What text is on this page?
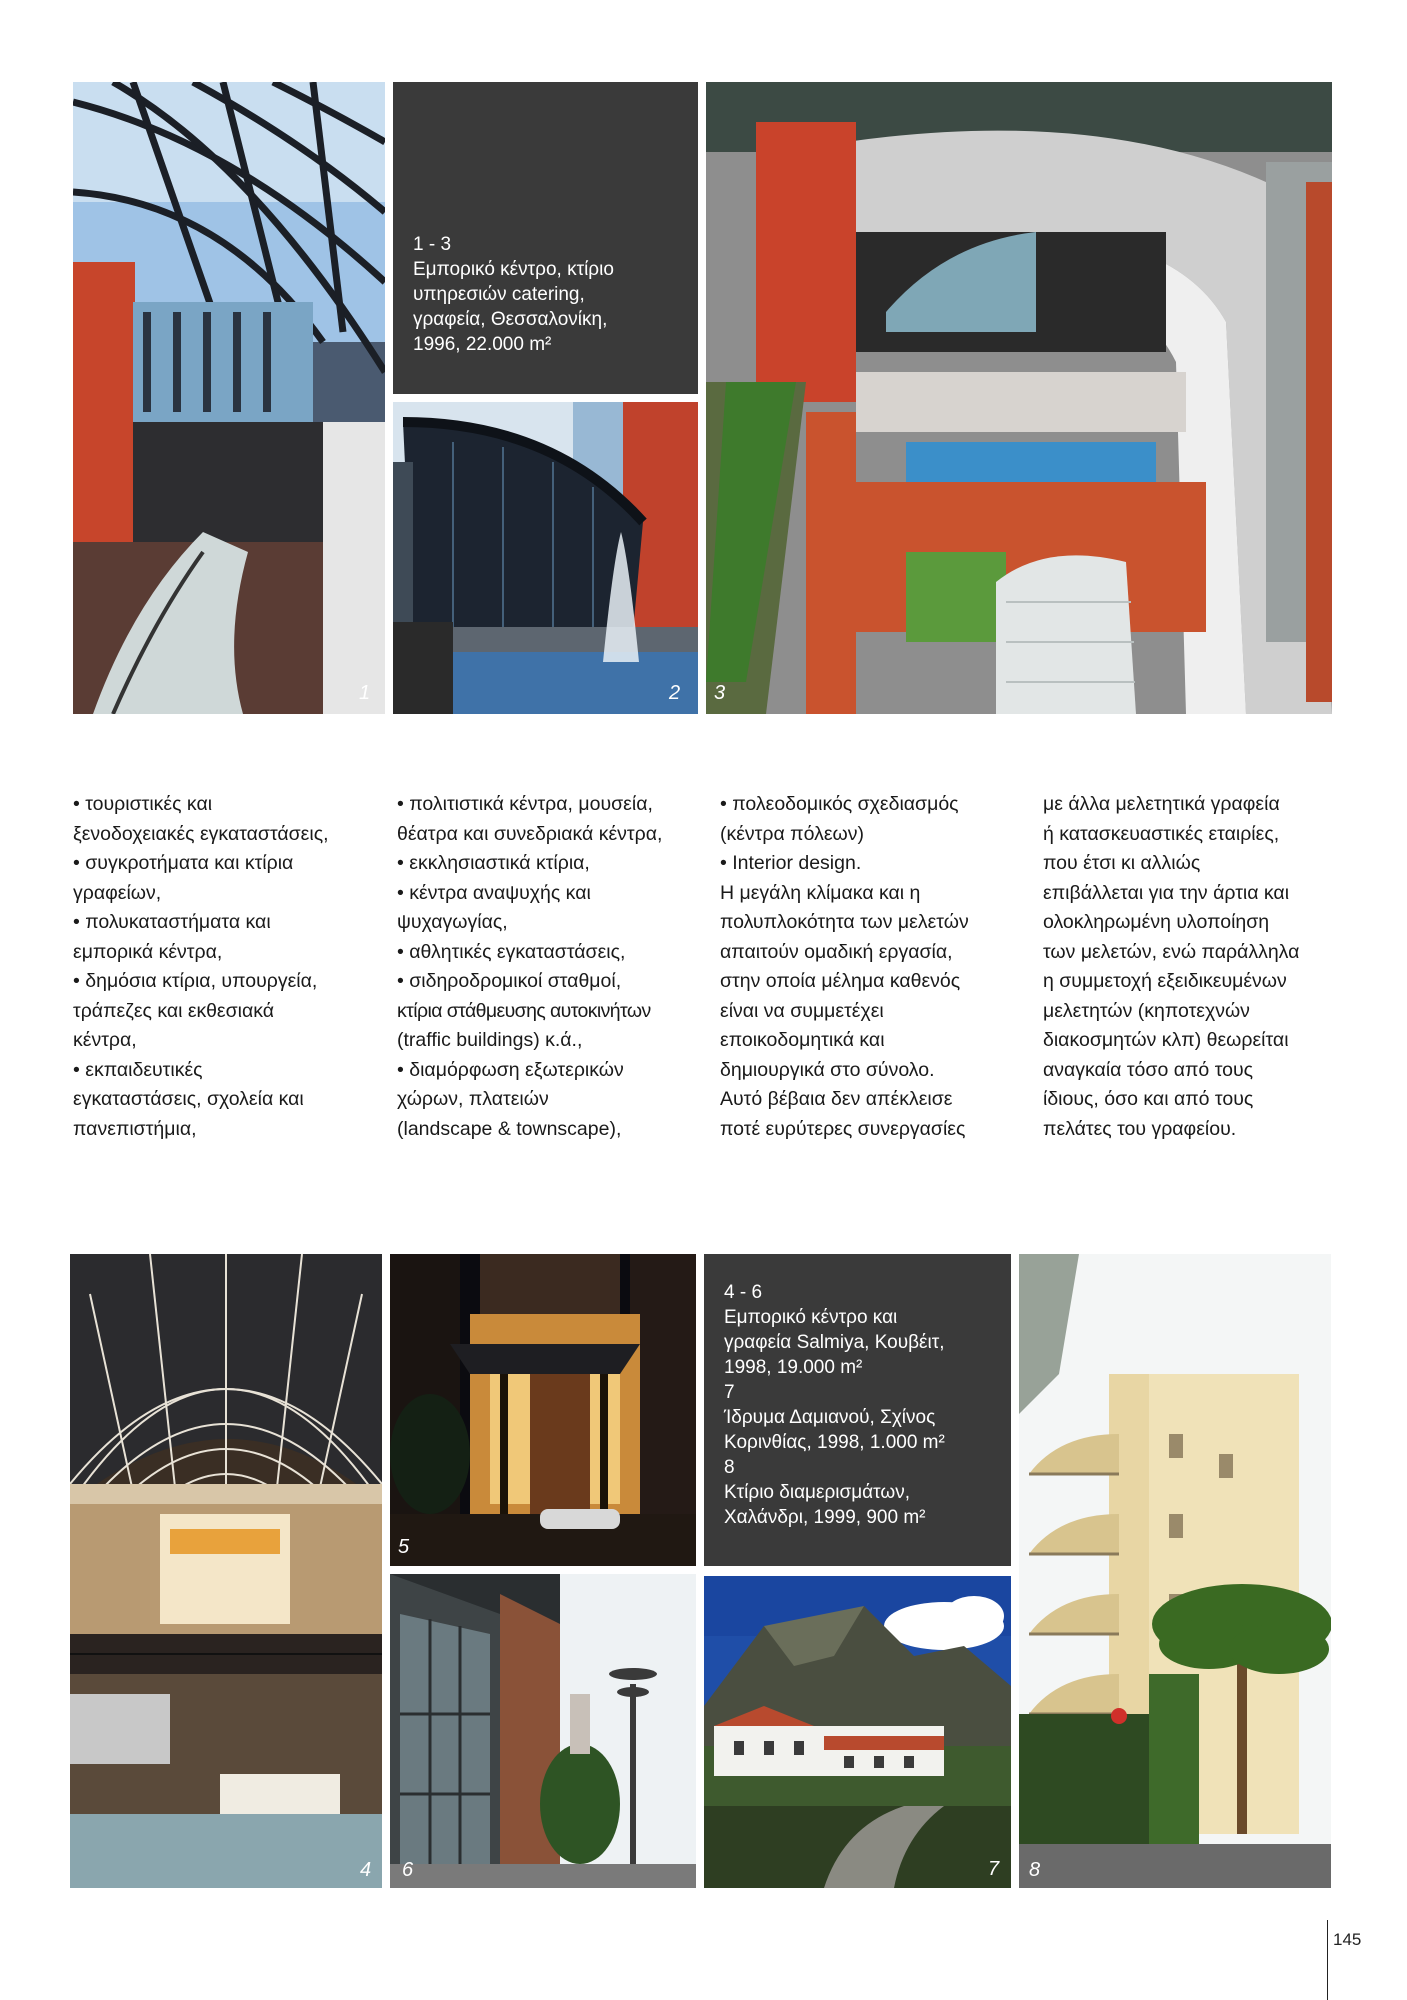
1
1 - 3
Εμπορικό κέντρο, κτίριο
υπηρεσιών catering,
γραφεία, Θεσσαλονίκη,
1996, 22.000 m²
2 3
• τουριστικές και
ξενοδοχειακές εγκαταστάσεις,
• συγκροτήματα και κτίρια
γραφείων,
• πολυκαταστήματα και
εμπορικά κέντρα,
• δημόσια κτίρια, υπουργεία,
τράπεζες και εκθεσιακά
κέντρα,
• εκπαιδευτικές
εγκαταστάσεις, σχολεία και
πανεπιστήμια,
• πολιτιστικά κέντρα, μουσεία,
θέατρα και συνεδριακά κέντρα,
• εκκλησιαστικά κτίρια,
• κέντρα αναψυχής και
ψυχαγωγίας,
• αθλητικές εγκαταστάσεις,
• σιδηροδρομικοί σταθμοί,
κτίρια στάθμευσης αυτοκινήτων
(traffic buildings) κ.ά.,
• διαμόρφωση εξωτερικών
χώρων, πλατειών
(landscape & townscape),
• πολεοδομικός σχεδιασμός
(κέντρα πόλεων)
• Interior design.
Η μεγάλη κλίμακα και η
πολυπλοκότητα των μελετών
απαιτούν ομαδική εργασία,
στην οποία μέλημα καθενός
είναι να συμμετέχει
εποικοδομητικά και
δημιουργικά στο σύνολο.
Αυτό βέβαια δεν απέκλεισε
ποτέ ευρύτερες συνεργασίες
με άλλα μελετητικά γραφεία
ή κατασκευαστικές εταιρίες,
που έτσι κι αλλιώς
επιβάλλεται για την άρτια και
ολοκληρωμένη υλοποίηση
των μελετών, ενώ παράλληλα
η συμμετοχή εξειδικευμένων
μελετητών (κηποτεχνών
διακοσμητών κλπ) θεωρείται
αναγκαία τόσο από τους
ίδιους, όσο και από τους
πελάτες του γραφείου.
4
5
4 - 6
Εμπορικό κέντρο και
γραφεία Salmiya, Κουβέιτ,
1998, 19.000 m²
7
Ίδρυμα Δαμιανού, Σχίνος
Κορινθίας, 1998, 1.000 m²
8
Κτίριο διαμερισμάτων,
Χαλάνδρι, 1999, 900 m²
8
6	7
145
